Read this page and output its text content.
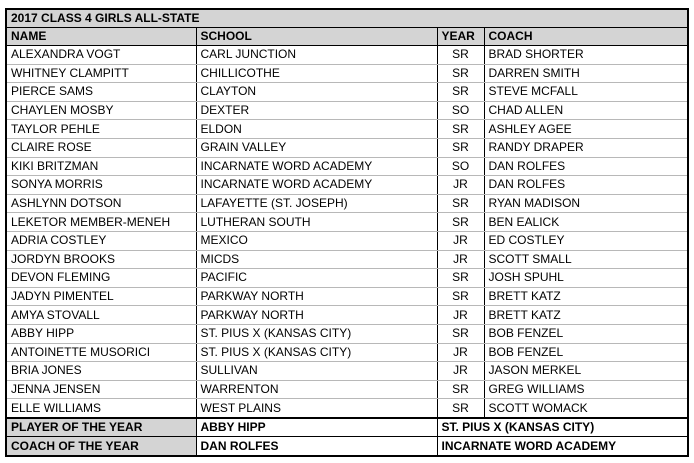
2017 CLASS 4 GIRLS ALL-STATE			
NAME	SCHOOL	YEAR	COACH
ALEXANDRA VOGT	CARL JUNCTION	SR	BRAD SHORTER
WHITNEY CLAMPITT	CHILLICOTHE	SR	DARREN SMITH
PIERCE SAMS	CLAYTON	SR	STEVE MCFALL
CHAYLEN MOSBY	DEXTER	SO	CHAD ALLEN
TAYLOR PEHLE	ELDON	SR	ASHLEY AGEE
CLAIRE ROSE	GRAIN VALLEY	SR	RANDY DRAPER
KIKI BRITZMAN	INCARNATE WORD ACADEMY	SO	DAN ROLFES
SONYA MORRIS	INCARNATE WORD ACADEMY	JR	DAN ROLFES
ASHLYNN DOTSON	LAFAYETTE (ST. JOSEPH)	SR	RYAN MADISON
LEKETOR MEMBER-MENEH	LUTHERAN SOUTH	SR	BEN EALICK
ADRIA COSTLEY	MEXICO	JR	ED COSTLEY
JORDYN BROOKS	MICDS	JR	SCOTT SMALL
DEVON FLEMING	PACIFIC	SR	JOSH SPUHL
JADYN PIMENTEL	PARKWAY NORTH	SR	BRETT KATZ
AMYA STOVALL	PARKWAY NORTH	JR	BRETT KATZ
ABBY HIPP	ST. PIUS X (KANSAS CITY)	SR	BOB FENZEL
ANTOINETTE MUSORICI	ST. PIUS X (KANSAS CITY)	JR	BOB FENZEL
BRIA JONES	SULLIVAN	JR	JASON MERKEL
JENNA JENSEN	WARRENTON	SR	GREG WILLIAMS
ELLE WILLIAMS	WEST PLAINS	SR	SCOTT WOMACK
PLAYER OF THE YEAR	ABBY HIPP	ST. PIUS X (KANSAS CITY)	
COACH OF THE YEAR	DAN ROLFES	INCARNATE WORD ACADEMY	
